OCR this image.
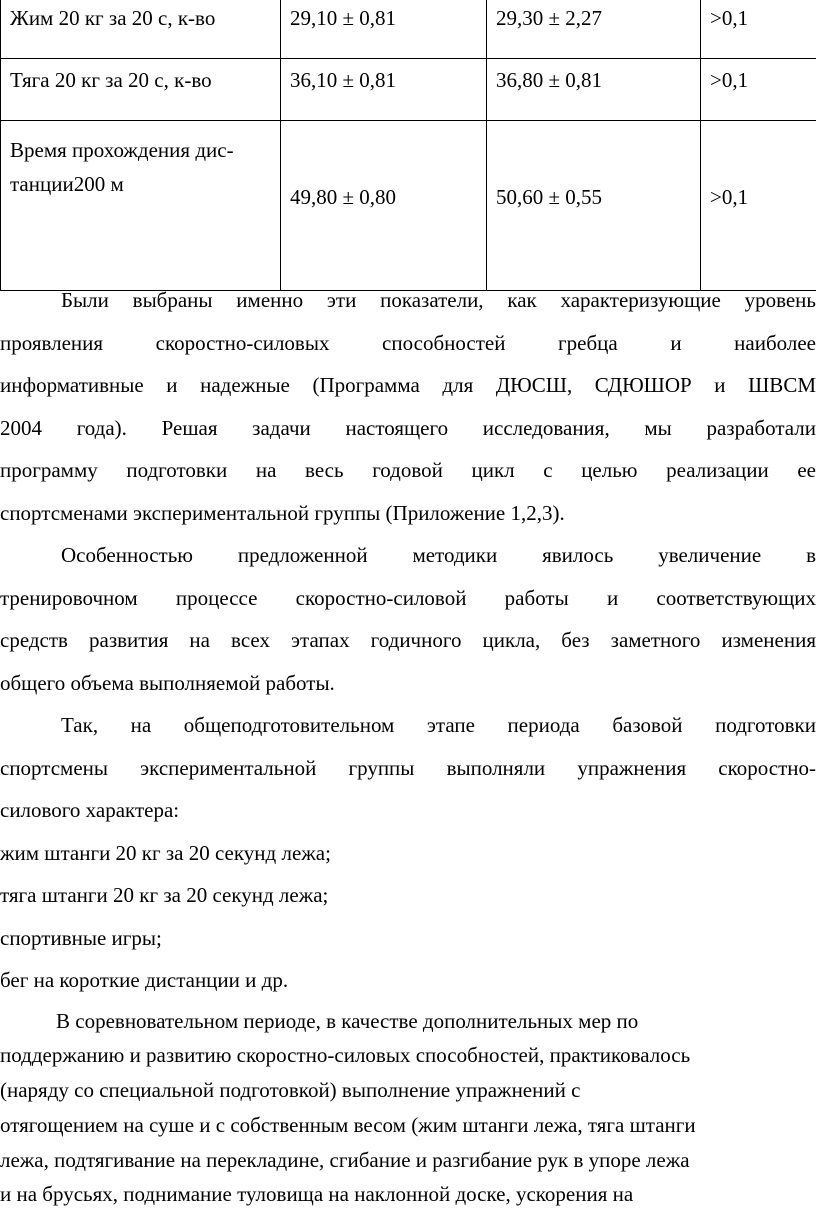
Жим 20 кг за 20 с, к-во	29,10 ± 0,81	29,30 ± 2,27	>0,1
Тяга 20 кг за 20 с, к-во	36,10 ± 0,81	36,80 ± 0,81	>0,1
Время прохождения дис-
танции200 м	49,80 ± 0,80	50,60 ± 0,55	>0,1

Были выбраны именно эти показатели, как характеризующие уровень

проявления скоростно-силовых способностей гребца и наиболее

информативные и надежные (Программа для ДЮСШ, СДЮШОР и ШВСМ

2004 года). Решая задачи настоящего исследования, мы разработали

программу подготовки на весь годовой цикл с целью реализации ее

спортсменами экспериментальной группы (Приложение 1,2,3).

Особенностью предложенной методики явилось увеличение в

тренировочном процессе скоростно-силовой работы и соответствующих

средств развития на всех этапах годичного цикла, без заметного изменения

общего объема выполняемой работы.

Так, на общеподготовительном этапе периода базовой подготовки

спортсмены экспериментальной группы выполняли упражнения скоростно-

силового характера:

жим штанги 20 кг за 20 секунд лежа;

тяга штанги 20 кг за 20 секунд лежа;

спортивные игры;

бег на короткие дистанции и др.

В соревновательном периоде, в качестве дополнительных мер по

поддержанию и развитию скоростно-силовых способностей, практиковалось

(наряду со специальной подготовкой) выполнение упражнений с

отягощением на суше и с собственным весом (жим штанги лежа, тяга штанги

лежа, подтягивание на перекладине, сгибание и разгибание рук в упоре лежа

и на брусьях, поднимание туловища на наклонной доске, ускорения на
